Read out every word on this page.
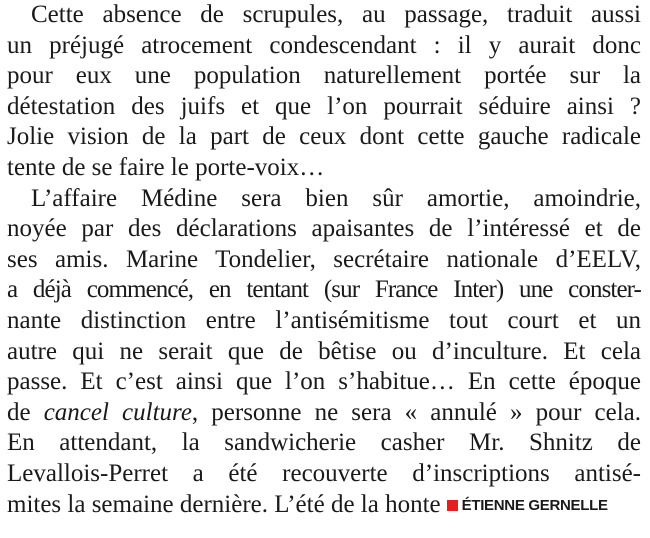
Cette absence de scrupules, au passage, traduit aussi
un préjugé atrocement condescendant : il y aurait donc
pour eux une population naturellement portée sur la
détestation des juifs et que l’on pourrait séduire ainsi ?
Jolie vision de la part de ceux dont cette gauche radicale
tente de se faire le porte-voix…
L’affaire Médine sera bien sûr amortie, amoindrie,
noyée par des déclarations apaisantes de l’intéressé et de
ses amis. Marine Tondelier, secrétaire nationale d’EELV,
a déjà commencé, en tentant (sur France Inter) une conster-
nante distinction entre l’antisémitisme tout court et un
autre qui ne serait que de bêtise ou d’inculture. Et cela
passe. Et c’est ainsi que l’on s’habitue… En cette époque
de cancel culture, personne ne sera « annulé » pour cela.
En attendant, la sandwicherie casher Mr. Shnitz de
Levallois-Perret a été recouverte d’inscriptions antisé-
mites la semaine dernière. L’été de la honte ÉTIENNE GERNELLE
